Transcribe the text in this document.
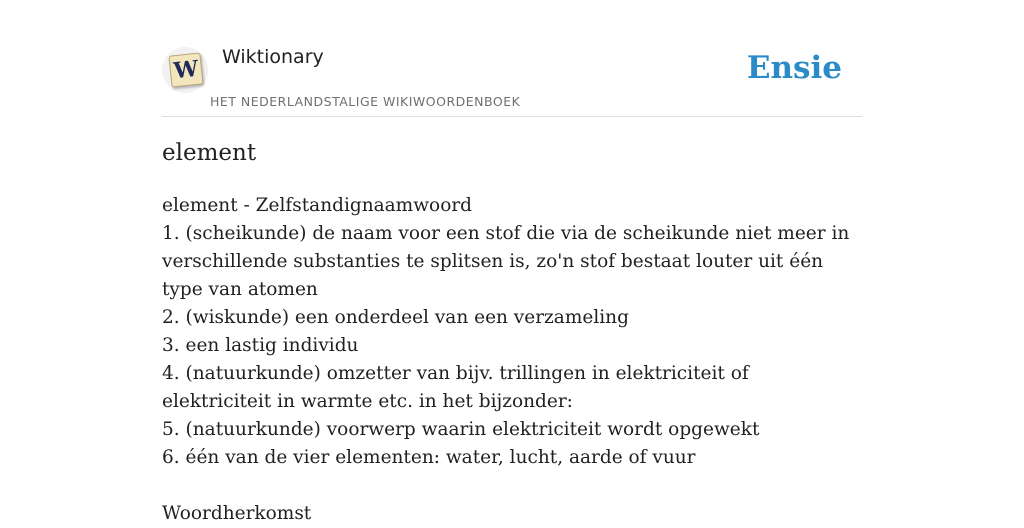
W Wiktionary
HET NEDERLANDSTALIGE WIKIWOORDENBOEK
Ensie
element

element - Zelfstandignaamwoord

1. (scheikunde) de naam voor een stof die via de scheikunde niet meer in verschillende substanties te splitsen is, zo'n stof bestaat louter uit één type van atomen

2. (wiskunde) een onderdeel van een verzameling

3. een lastig individu

4. (natuurkunde) omzetter van bijv. trillingen in elektriciteit of elektriciteit in warmte etc. in het bijzonder:

5. (natuurkunde) voorwerp waarin elektriciteit wordt opgewekt

6. één van de vier elementen: water, lucht, aarde of vuur

Woordherkomst
